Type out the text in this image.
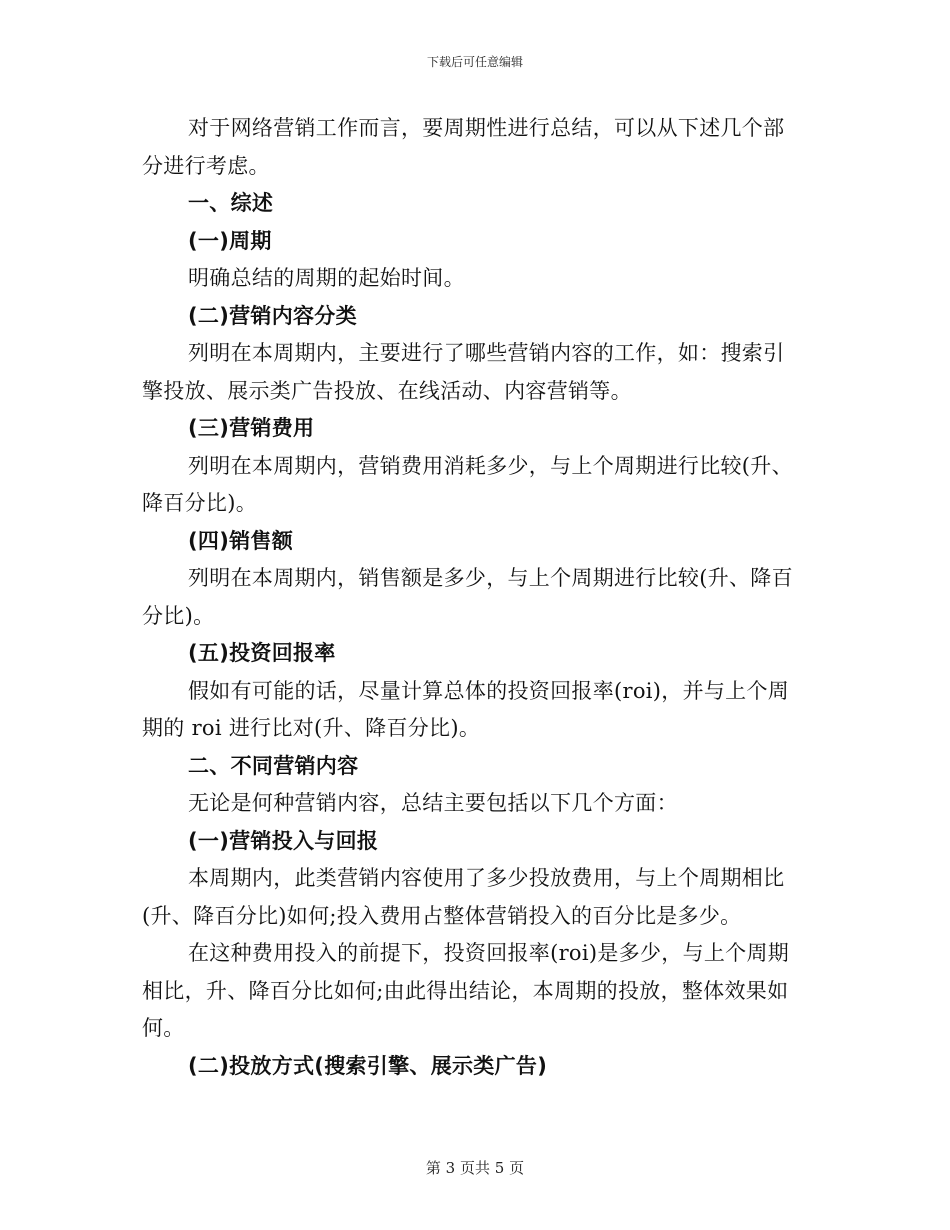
下载后可任意编辑

对于网络营销工作而言，要周期性进行总结，可以从下述几个部分进行考虑。

一、综述

(一)周期

明确总结的周期的起始时间。

(二)营销内容分类

列明在本周期内，主要进行了哪些营销内容的工作，如：搜索引擎投放、展示类广告投放、在线活动、内容营销等。

(三)营销费用

列明在本周期内，营销费用消耗多少，与上个周期进行比较(升、降百分比)。

(四)销售额

列明在本周期内，销售额是多少，与上个周期进行比较(升、降百分比)。

(五)投资回报率

假如有可能的话，尽量计算总体的投资回报率(roi)，并与上个周期的 roi 进行比对(升、降百分比)。

二、不同营销内容

无论是何种营销内容，总结主要包括以下几个方面：

(一)营销投入与回报

本周期内，此类营销内容使用了多少投放费用，与上个周期相比(升、降百分比)如何;投入费用占整体营销投入的百分比是多少。

在这种费用投入的前提下，投资回报率(roi)是多少，与上个周期相比，升、降百分比如何;由此得出结论，本周期的投放，整体效果如何。

(二)投放方式(搜索引擎、展示类广告)

第 3 页共 5 页
